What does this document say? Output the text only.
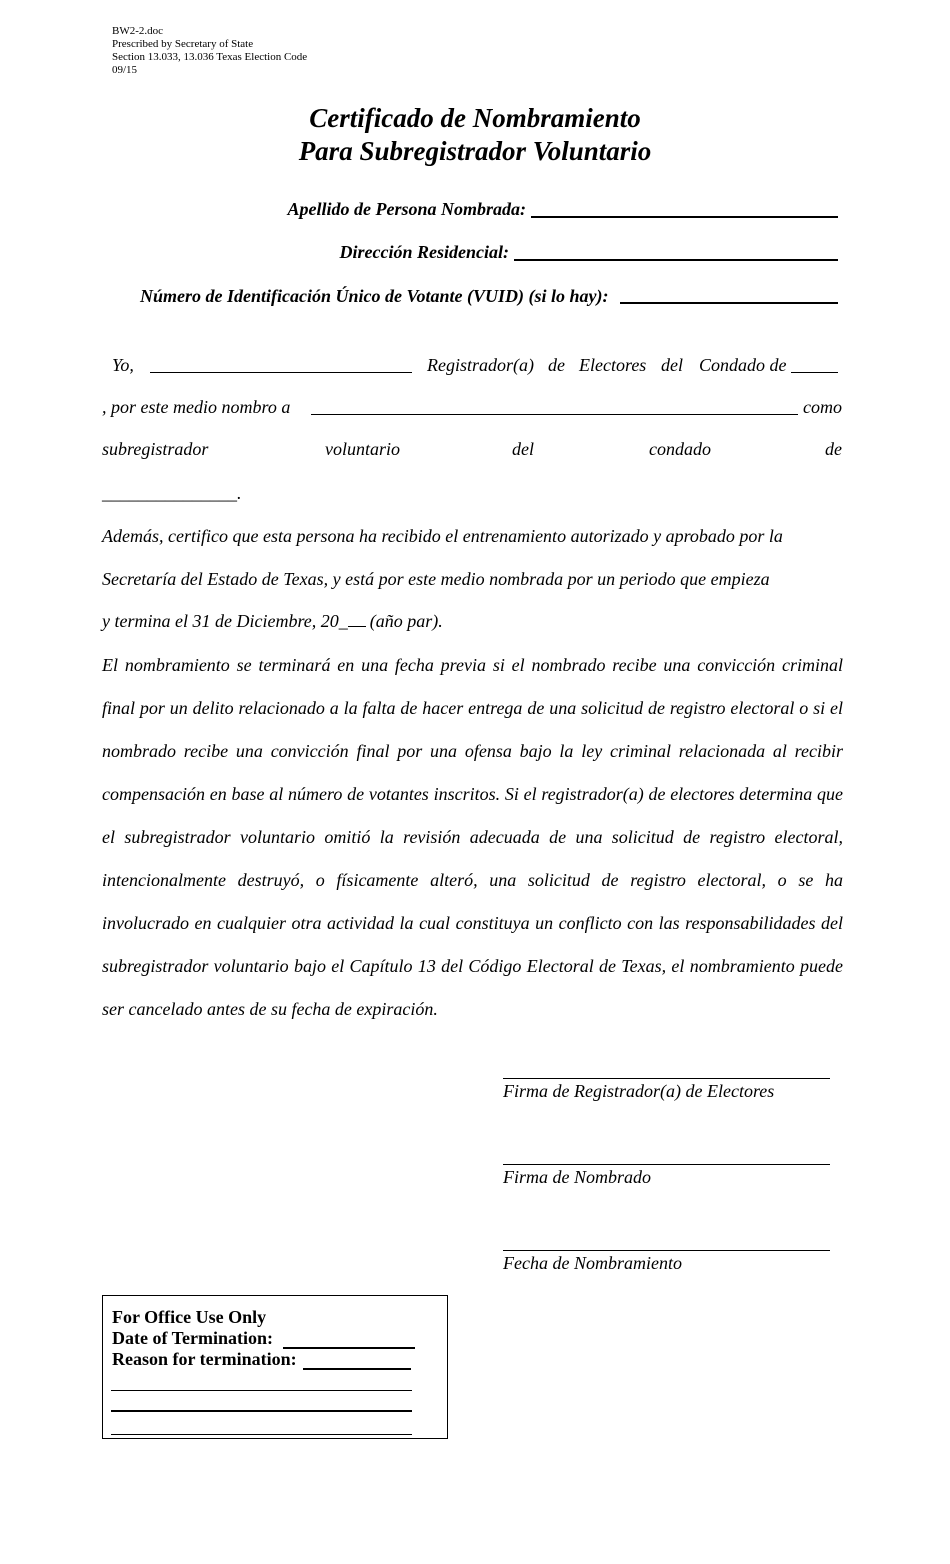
BW2-2.doc
Prescribed by Secretary of State
Section 13.033, 13.036 Texas Election Code
09/15
Certificado de Nombramiento
Para Subregistrador Voluntario
Apellido de Persona Nombrada:
Dirección Residencial:
Número de Identificación Único de Votante (VUID) (si lo hay):
Yo,	Registrador(a) de Electores del Condado de
, por este medio nombro a	como
subregistrador	voluntario	del	condado	de
_______________.
Además, certifico que esta persona ha recibido el entrenamiento autorizado y aprobado por la
Secretaría del Estado de Texas, y está por este medio nombrada por un periodo que empieza
y termina el 31 de Diciembre, 20_ (año par).
El nombramiento se terminará en una fecha previa si el nombrado recibe una convicción criminal final por un delito relacionado a la falta de hacer entrega de una solicitud de registro electoral o si el nombrado recibe una convicción final por una ofensa bajo la ley criminal relacionada al recibir compensación en base al número de votantes inscritos. Si el registrador(a) de electores determina que el subregistrador voluntario omitió la revisión adecuada de una solicitud de registro electoral, intencionalmente destruyó, o físicamente alteró, una solicitud de registro electoral, o se ha involucrado en cualquier otra actividad la cual constituya un conflicto con las responsabilidades del subregistrador voluntario bajo el Capítulo 13 del Código Electoral de Texas, el nombramiento puede ser cancelado antes de su fecha de expiración.
Firma de Registrador(a) de Electores
Firma de Nombrado
Fecha de Nombramiento
For Office Use Only
Date of Termination:
Reason for termination:
